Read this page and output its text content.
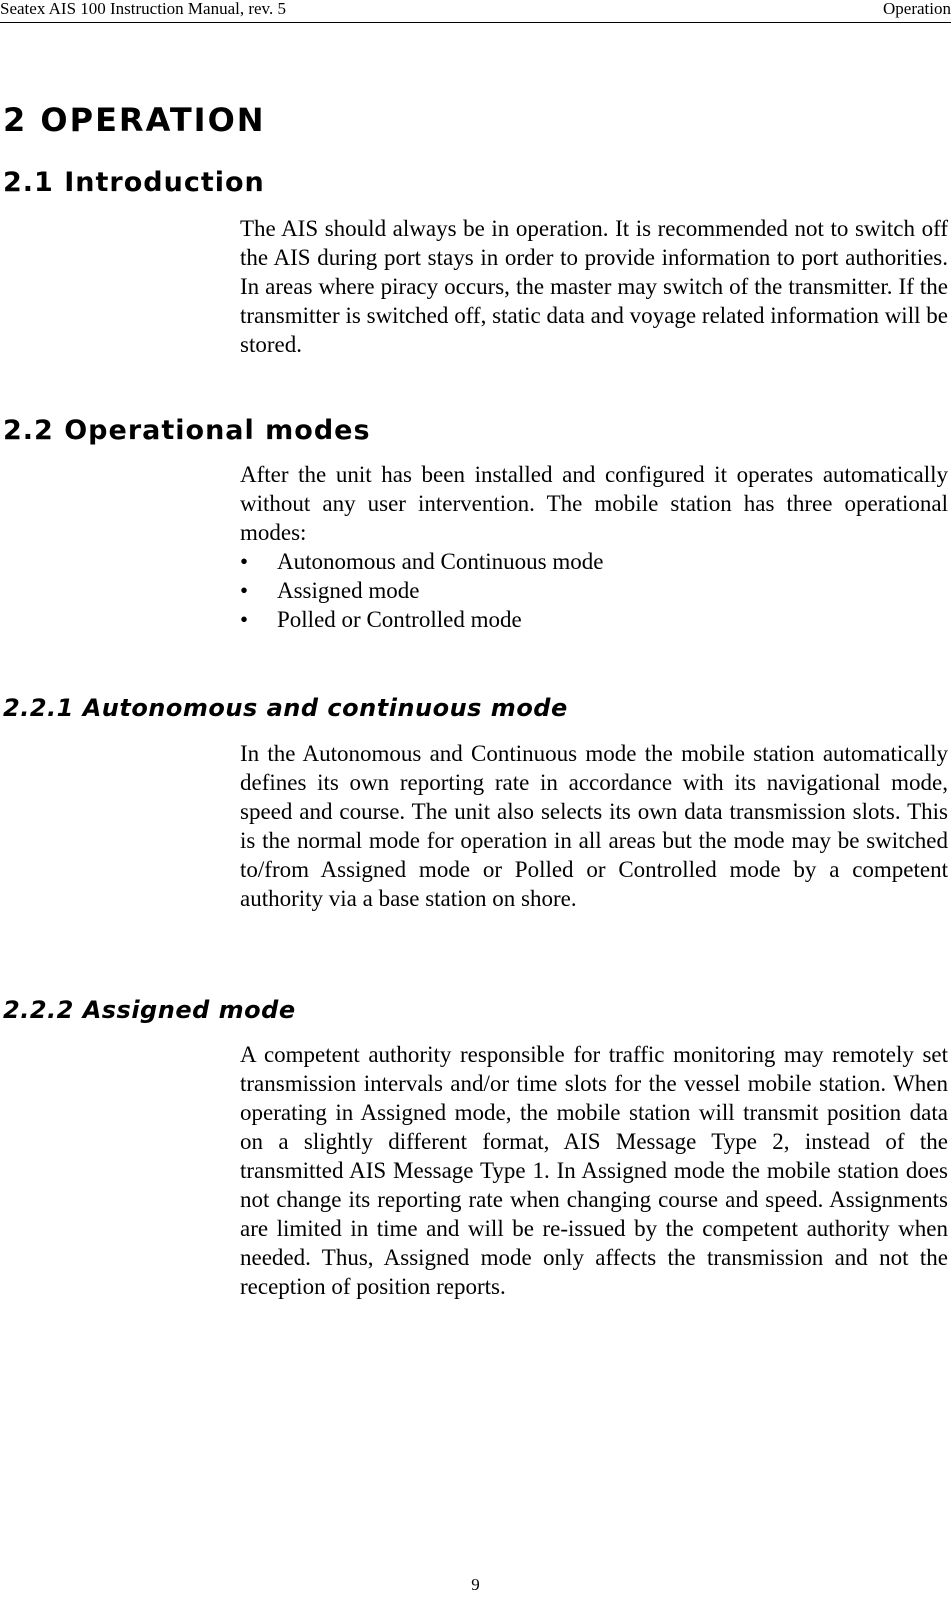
Seatex AIS 100 Instruction Manual, rev. 5	Operation
2 OPERATION
2.1 Introduction

The AIS should always be in operation. It is recommended not to switch off the AIS during port stays in order to provide information to port authorities. In areas where piracy occurs, the master may switch of the transmitter. If the transmitter is switched off, static data and voyage related information will be stored.

2.2 Operational modes

After the unit has been installed and configured it operates automatically without any user intervention. The mobile station has three operational modes:

• Autonomous and Continuous mode
• Assigned mode
• Polled or Controlled mode
2.2.1 Autonomous and continuous mode

In the Autonomous and Continuous mode the mobile station automatically defines its own reporting rate in accordance with its navigational mode, speed and course. The unit also selects its own data transmission slots. This is the normal mode for operation in all areas but the mode may be switched to/from Assigned mode or Polled or Controlled mode by a competent authority via a base station on shore.

2.2.2 Assigned mode

A competent authority responsible for traffic monitoring may remotely set transmission intervals and/or time slots for the vessel mobile station. When operating in Assigned mode, the mobile station will transmit position data on a slightly different format, AIS Message Type 2, instead of the transmitted AIS Message Type 1. In Assigned mode the mobile station does not change its reporting rate when changing course and speed. Assignments are limited in time and will be re-issued by the competent authority when needed. Thus, Assigned mode only affects the transmission and not the reception of position reports.

9
